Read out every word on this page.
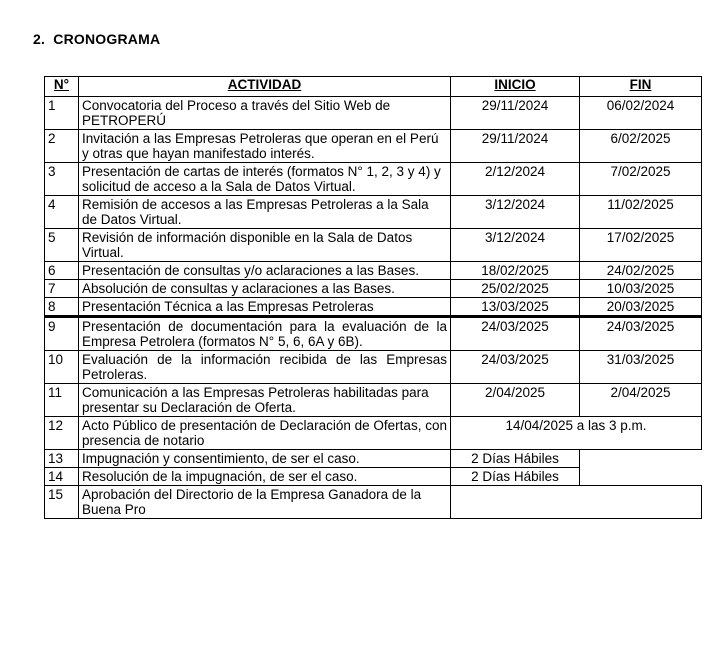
2. CRONOGRAMA
N°	ACTIVIDAD	INICIO	FIN
1	Convocatoria del Proceso a través del Sitio Web de PETROPERÚ	29/11/2024	06/02/2024
2	Invitación a las Empresas Petroleras que operan en el Perú y otras que hayan manifestado interés.	29/11/2024	6/02/2025
3	Presentación de cartas de interés (formatos N° 1, 2, 3 y 4) y solicitud de acceso a la Sala de Datos Virtual.	2/12/2024	7/02/2025
4	Remisión de accesos a las Empresas Petroleras a la Sala de Datos Virtual.	3/12/2024	11/02/2025
5	Revisión de información disponible en la Sala de Datos Virtual.	3/12/2024	17/02/2025
6	Presentación de consultas y/o aclaraciones a las Bases.	18/02/2025	24/02/2025
7	Absolución de consultas y aclaraciones a las Bases.	25/02/2025	10/03/2025
8	Presentación Técnica a las Empresas Petroleras	13/03/2025	20/03/2025
9	Presentación de documentación para la evaluación de la Empresa Petrolera (formatos N° 5, 6, 6A y 6B).	24/03/2025	24/03/2025
10	Evaluación de la información recibida de las Empresas Petroleras.	24/03/2025	31/03/2025
11	Comunicación a las Empresas Petroleras habilitadas para presentar su Declaración de Oferta.	2/04/2025	2/04/2025
12	Acto Público de presentación de Declaración de Ofertas, con presencia de notario	14/04/2025 a las 3 p.m.	
13	Impugnación y consentimiento, de ser el caso.	2 Días Hábiles	
14	Resolución de la impugnación, de ser el caso.	2 Días Hábiles	
15	Aprobación del Directorio de la Empresa Ganadora de la Buena Pro		
